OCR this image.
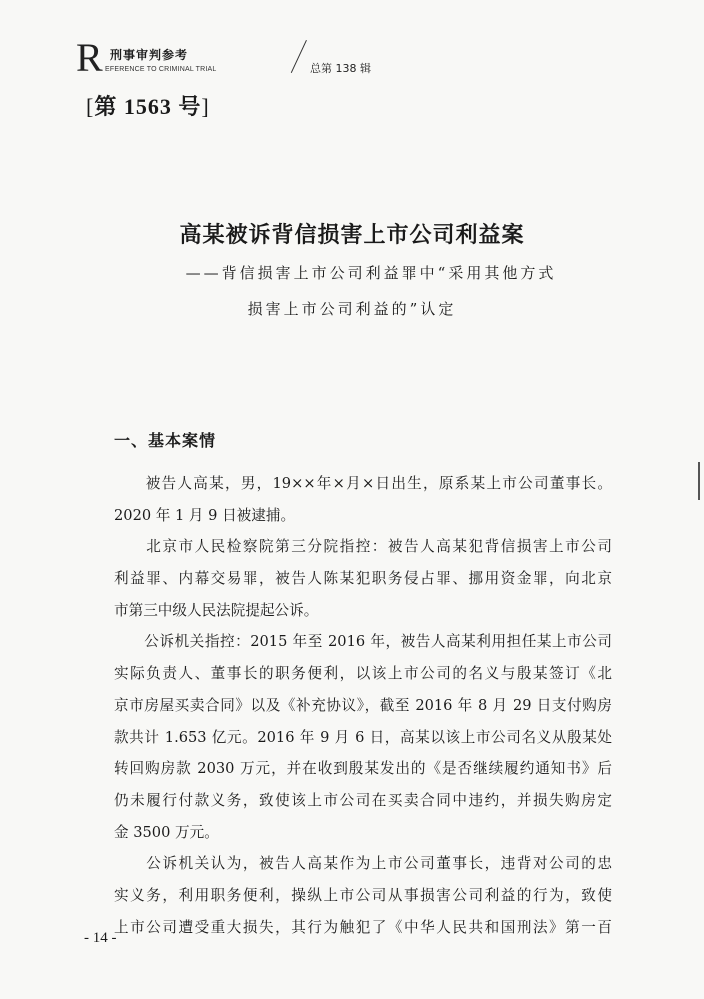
R 刑事审判参考
EFERENCE TO CRIMINAL TRIAL	总第 138 辑
[第 1563 号]
高某被诉背信损害上市公司利益案
——背信损害上市公司利益罪中“采用其他方式
损害上市公司利益的”认定
一、基本案情
　　被告人高某，男，19××年×月×日出生，原系某上市公司董事长。
2020 年 1 月 9 日被逮捕。
　　北京市人民检察院第三分院指控：被告人高某犯背信损害上市公司
利益罪、内幕交易罪，被告人陈某犯职务侵占罪、挪用资金罪，向北京
市第三中级人民法院提起公诉。
　　公诉机关指控：2015 年至 2016 年，被告人高某利用担任某上市公司
实际负责人、董事长的职务便利，以该上市公司的名义与殷某签订《北
京市房屋买卖合同》以及《补充协议》，截至 2016 年 8 月 29 日支付购房
款共计 1.653 亿元。2016 年 9 月 6 日，高某以该上市公司名义从殷某处
转回购房款 2030 万元，并在收到殷某发出的《是否继续履约通知书》后
仍未履行付款义务，致使该上市公司在买卖合同中违约，并损失购房定
金 3500 万元。
　　公诉机关认为，被告人高某作为上市公司董事长，违背对公司的忠
实义务，利用职务便利，操纵上市公司从事损害公司利益的行为，致使
上市公司遭受重大损失，其行为触犯了《中华人民共和国刑法》第一百
- 14 -
